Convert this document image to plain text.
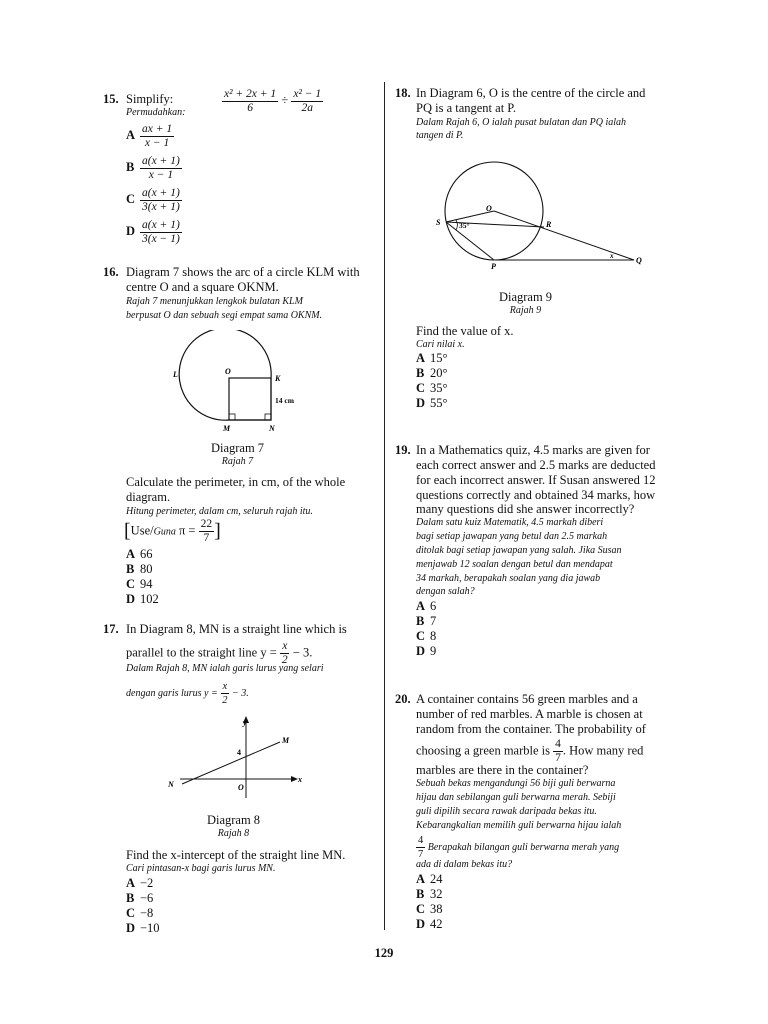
15. Simplify:
Permudahkan:	$\frac{\text{x² + 2x + 1}}{6} \div \frac{\text{x² − 1}}{2a}$
A $\frac{ax + 1}{x - 1}$
B $\frac{a(x + 1)}{x - 1}$
C $\frac{a(x + 1)}{3(x + 1)}$
D $\frac{a(x + 1)}{3(x - 1)}$
16. Diagram 7 shows the arc of a circle KLM with
centre O and a square OKNM.
Rajah 7 menunjukkan lengkok bulatan KLM
berpusat O dan sebuah segi empat sama OKNM.
L	O
K
M	N
14 cm
Diagram 7
Rajah 7
Calculate the perimeter, in cm, of the whole
diagram.
Hitung perimeter, dalam cm, seluruh rajah itu.
[Use/Guna $\pi = \frac{22}{7}$ ]
A 66
B 80
C 94
D 102
17. In Diagram 8, MN is a straight line which is
parallel to the straight line $y = \frac{x}{2} - 3$.
Dalam Rajah 8, MN ialah garis lurus yang selari
dengan garis lurus $y = \frac{x}{2} - 3$.
y
x
M
N	O
4
Diagram 8
Rajah 8
Find the x-intercept of the straight line MN.
Cari pintasan-x bagi garis lurus MN.
A −2
B −6
C −8
D −10
18. In Diagram 6, O is the centre of the circle and
PQ is a tangent at P.
Dalam Rajah 6, O ialah pusat bulatan dan PQ ialah
tangen di P.
S
O
R
P
Q
35°
x
Diagram 9
Rajah 9
Find the value of x.
Cari nilai x.
A 15°
B 20°
C 35°
D 55°
19. In a Mathematics quiz, 4.5 marks are given for
each correct answer and 2.5 marks are deducted
for each incorrect answer. If Susan answered 12
questions correctly and obtained 34 marks, how
many questions did she answer incorrectly?
Dalam satu kuiz Matematik, 4.5 markah diberi
bagi setiap jawapan yang betul dan 2.5 markah
ditolak bagi setiap jawapan yang salah. Jika Susan
menjawab 12 soalan dengan betul dan mendapat
34 markah, berapakah soalan yang dia jawab
dengan salah?
A 6
B 7
C 8
D 9
20. A container contains 56 green marbles and a
number of red marbles. A marble is chosen at
random from the container. The probability of
choosing a green marble is $\frac{4}{7}$ . How many red
marbles are there in the container?
Sebuah bekas mengandungi 56 biji guli berwarna
hijau dan sebilangan guli berwarna merah. Sebiji
guli dipilih secara rawak daripada bekas itu.
Kebarangkalian memilih guli berwarna hijau ialah
$\frac{4}{7}$ Berapakah bilangan guli berwarna merah yang
ada di dalam bekas itu?
A 24
B 32
C 38
D 42
129
